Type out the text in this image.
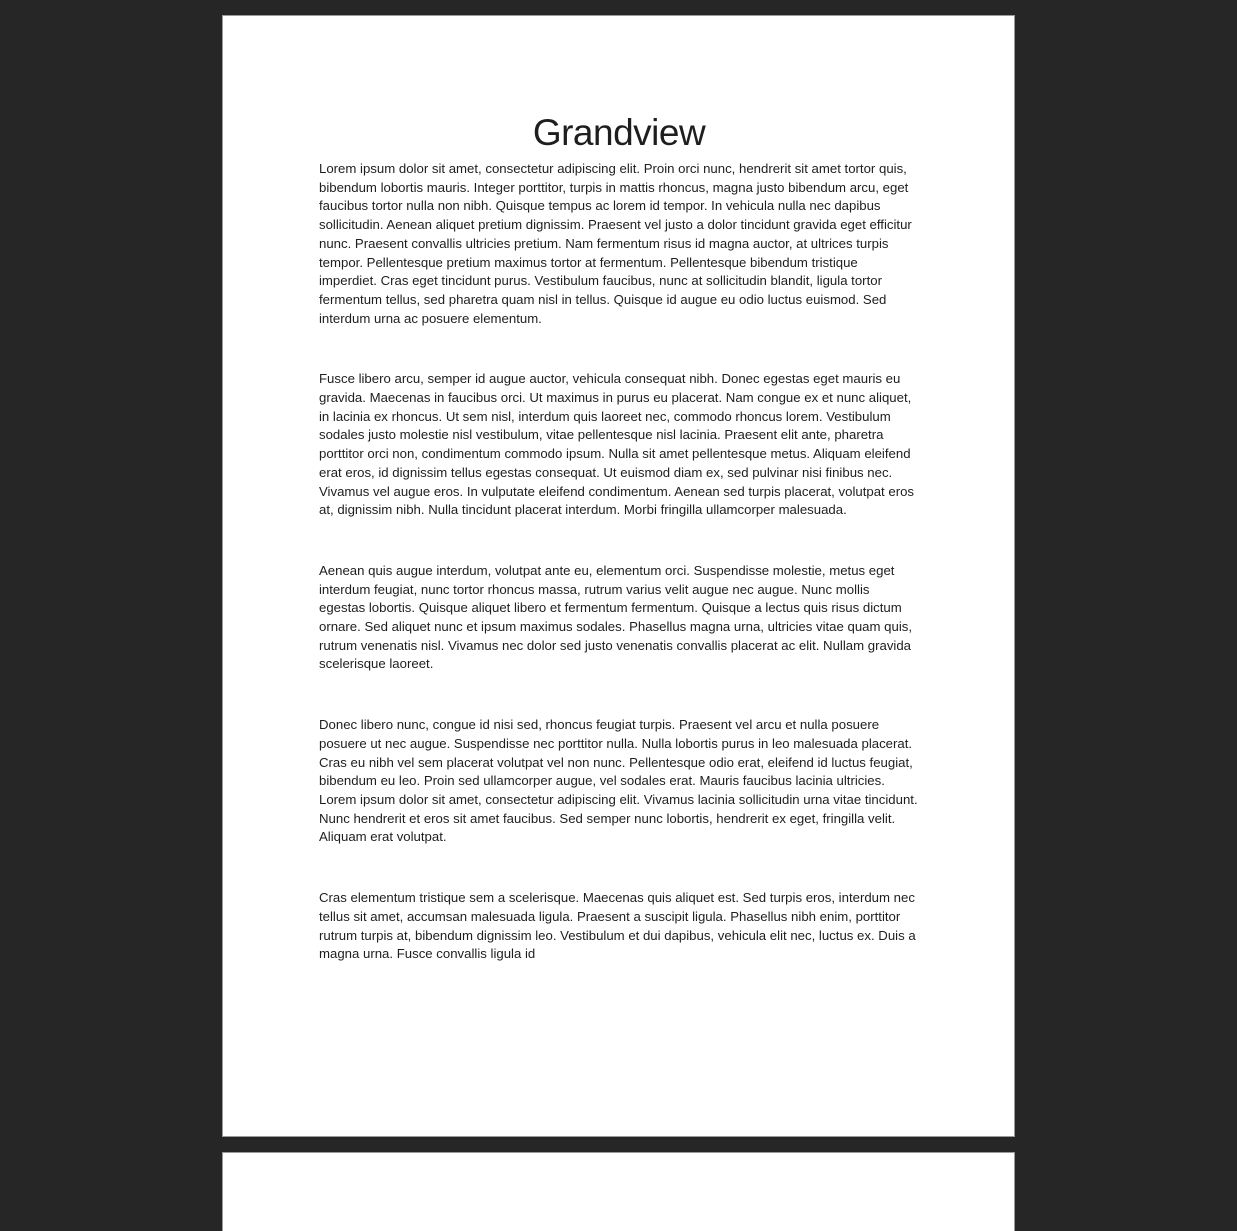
Grandview

Lorem ipsum dolor sit amet, consectetur adipiscing elit. Proin orci nunc, hendrerit sit amet tortor quis, bibendum lobortis mauris. Integer porttitor, turpis in mattis rhoncus, magna justo bibendum arcu, eget faucibus tortor nulla non nibh. Quisque tempus ac lorem id tempor. In vehicula nulla nec dapibus sollicitudin. Aenean aliquet pretium dignissim. Praesent vel justo a dolor tincidunt gravida eget efficitur nunc. Praesent convallis ultricies pretium. Nam fermentum risus id magna auctor, at ultrices turpis tempor. Pellentesque pretium maximus tortor at fermentum. Pellentesque bibendum tristique imperdiet. Cras eget tincidunt purus. Vestibulum faucibus, nunc at sollicitudin blandit, ligula tortor fermentum tellus, sed pharetra quam nisl in tellus. Quisque id augue eu odio luctus euismod. Sed interdum urna ac posuere elementum.

Fusce libero arcu, semper id augue auctor, vehicula consequat nibh. Donec egestas eget mauris eu gravida. Maecenas in faucibus orci. Ut maximus in purus eu placerat. Nam congue ex et nunc aliquet, in lacinia ex rhoncus. Ut sem nisl, interdum quis laoreet nec, commodo rhoncus lorem. Vestibulum sodales justo molestie nisl vestibulum, vitae pellentesque nisl lacinia. Praesent elit ante, pharetra porttitor orci non, condimentum commodo ipsum. Nulla sit amet pellentesque metus. Aliquam eleifend erat eros, id dignissim tellus egestas consequat. Ut euismod diam ex, sed pulvinar nisi finibus nec. Vivamus vel augue eros. In vulputate eleifend condimentum. Aenean sed turpis placerat, volutpat eros at, dignissim nibh. Nulla tincidunt placerat interdum. Morbi fringilla ullamcorper malesuada.

Aenean quis augue interdum, volutpat ante eu, elementum orci. Suspendisse molestie, metus eget interdum feugiat, nunc tortor rhoncus massa, rutrum varius velit augue nec augue. Nunc mollis egestas lobortis. Quisque aliquet libero et fermentum fermentum. Quisque a lectus quis risus dictum ornare. Sed aliquet nunc et ipsum maximus sodales. Phasellus magna urna, ultricies vitae quam quis, rutrum venenatis nisl. Vivamus nec dolor sed justo venenatis convallis placerat ac elit. Nullam gravida scelerisque laoreet.

Donec libero nunc, congue id nisi sed, rhoncus feugiat turpis. Praesent vel arcu et nulla posuere posuere ut nec augue. Suspendisse nec porttitor nulla. Nulla lobortis purus in leo malesuada placerat. Cras eu nibh vel sem placerat volutpat vel non nunc. Pellentesque odio erat, eleifend id luctus feugiat, bibendum eu leo. Proin sed ullamcorper augue, vel sodales erat. Mauris faucibus lacinia ultricies. Lorem ipsum dolor sit amet, consectetur adipiscing elit. Vivamus lacinia sollicitudin urna vitae tincidunt. Nunc hendrerit et eros sit amet faucibus. Sed semper nunc lobortis, hendrerit ex eget, fringilla velit. Aliquam erat volutpat.

Cras elementum tristique sem a scelerisque. Maecenas quis aliquet est. Sed turpis eros, interdum nec tellus sit amet, accumsan malesuada ligula. Praesent a suscipit ligula. Phasellus nibh enim, porttitor rutrum turpis at, bibendum dignissim leo. Vestibulum et dui dapibus, vehicula elit nec, luctus ex. Duis a magna urna. Fusce convallis ligula id
